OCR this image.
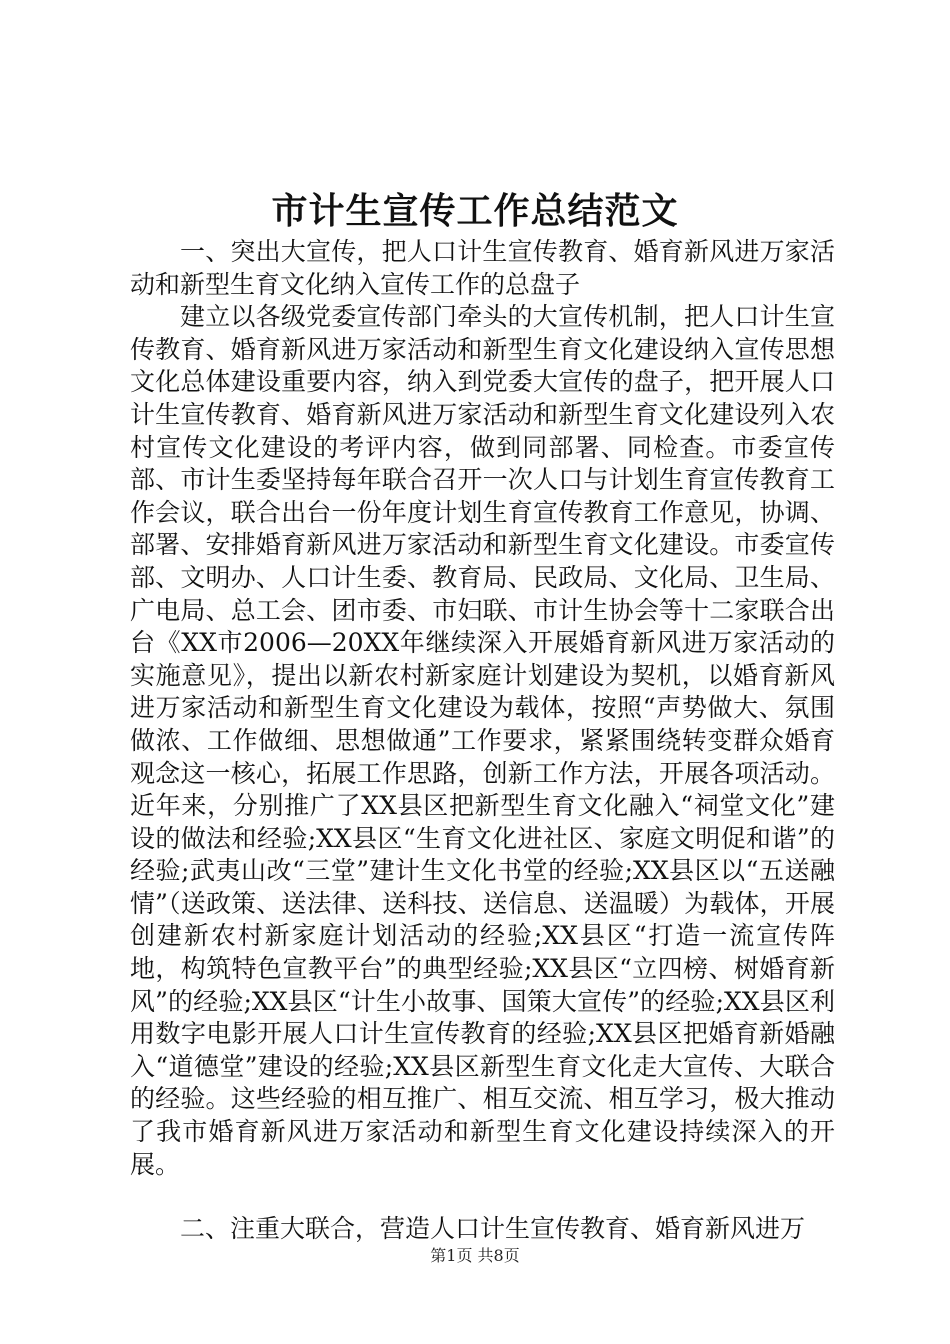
市计生宣传工作总结范文

一、突出大宣传，把人口计生宣传教育、婚育新风进万家活动和新型生育文化纳入宣传工作的总盘子

建立以各级党委宣传部门牵头的大宣传机制，把人口计生宣传教育、婚育新风进万家活动和新型生育文化建设纳入宣传思想文化总体建设重要内容，纳入到党委大宣传的盘子，把开展人口计生宣传教育、婚育新风进万家活动和新型生育文化建设列入农村宣传文化建设的考评内容，做到同部署、同检查。市委宣传部、市计生委坚持每年联合召开一次人口与计划生育宣传教育工作会议，联合出台一份年度计划生育宣传教育工作意见，协调、部署、安排婚育新风进万家活动和新型生育文化建设。市委宣传部、文明办、人口计生委、教育局、民政局、文化局、卫生局、广电局、总工会、团市委、市妇联、市计生协会等十二家联合出台《XX市2006—20XX年继续深入开展婚育新风进万家活动的实施意见》，提出以新农村新家庭计划建设为契机，以婚育新风进万家活动和新型生育文化建设为载体，按照“声势做大、氛围做浓、工作做细、思想做通”工作要求，紧紧围绕转变群众婚育观念这一核心，拓展工作思路，创新工作方法，开展各项活动。近年来，分别推广了XX县区把新型生育文化融入“祠堂文化”建设的做法和经验;XX县区“生育文化进社区、家庭文明促和谐”的经验;武夷山改“三堂”建计生文化书堂的经验;XX县区以“五送融情”（送政策、送法律、送科技、送信息、送温暖）为载体，开展创建新农村新家庭计划活动的经验;XX县区“打造一流宣传阵地，构筑特色宣教平台”的典型经验;XX县区“立四榜、树婚育新风”的经验;XX县区“计生小故事、国策大宣传”的经验;XX县区利用数字电影开展人口计生宣传教育的经验;XX县区把婚育新婚融入“道德堂”建设的经验;XX县区新型生育文化走大宣传、大联合的经验。这些经验的相互推广、相互交流、相互学习，极大推动了我市婚育新风进万家活动和新型生育文化建设持续深入的开展。

二、注重大联合，营造人口计生宣传教育、婚育新风进万

第1页 共8页
